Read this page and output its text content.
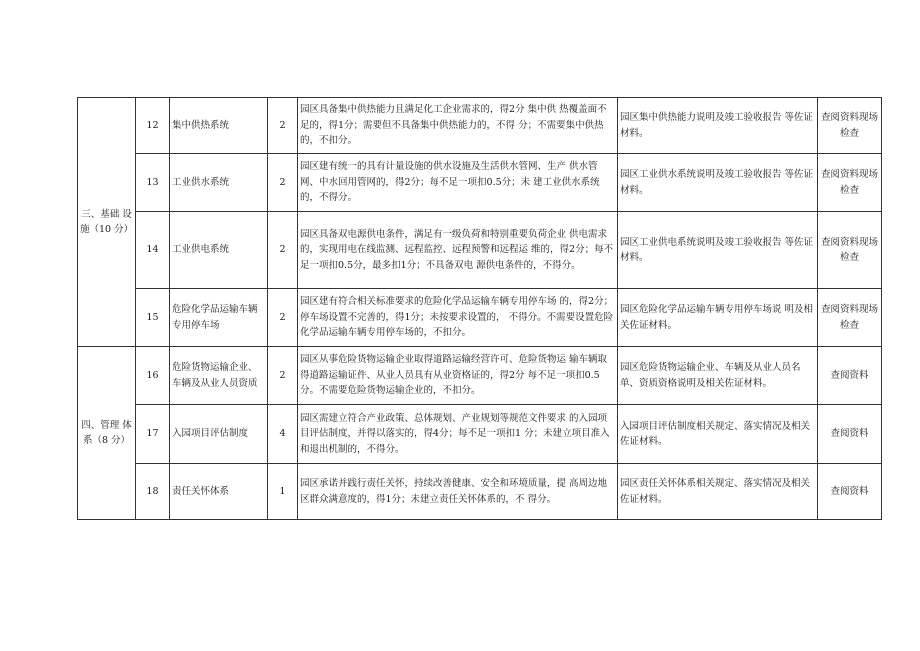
三、基础 设施（10 分）	12	集中供热系统	2	园区具备集中供热能力且满足化工企业需求的，得2分 集中供 热覆盖面不足的，得1分；需要但不具备集中供热能力的，不得 分；不需要集中供热的，不扣分。	园区集中供热能力说明及竣工验收报告 等佐证材料。	查阅资料现场检查
	13	工业供水系统	2	园区建有统一的具有计量设施的供水设施及生活供水管网、生产 供水管网、中水回用管网的，得2分；每不足一项扣0.5分；未 建工业供水系统的，不得分。	园区工业供水系统说明及竣工验收报告 等佐证材料。	查阅资料现场检查
	14	工业供电系统	2	园区具备双电源供电条件，满足有一级负荷和特别重要负荷企业 供电需求的，实现用电在线监测、远程监控、远程预警和远程运 维的，得2分；每不足一项扣0.5分，最多扣1分；不具备双电 源供电条件的，不得分。	园区工业供电系统说明及竣工验收报告 等佐证材料。	查阅资料现场检查
	15	危险化学品运输车辆专用停车场	2	园区建有符合相关标准要求的危险化学品运输车辆专用停车场 的，得2分；停车场设置不完善的，得1分；未按要求设置的， 不得分。不需要设置危险化学品运输车辆专用停车场的，不扣分。	园区危险化学品运输车辆专用停车场说 明及相关佐证材料。	查阅资料现场检查
四、管理 体系（8 分）	16	危险货物运输企业、车辆及从业人员资质	2	园区从事危险货物运输企业取得道路运输经营许可、危险货物运 输车辆取得道路运输证件、从业人员具有从业资格证的，得2分 每不足一项扣0.5分。不需要危险货物运输企业的，不扣分。	园区危险货物运输企业、车辆及从业人员名单、资质资格说明及相关佐证材料。	查阅资料
	17	入园项目评估制度	4	园区需建立符合产业政策、总体规划、产业规划等规范文件要求 的入园项目评估制度，并得以落实的，得4分；每不足一项扣1 分；未建立项目准入和退出机制的，不得分。	入园项目评估制度相关规定、落实情况及相关佐证材料。	查阅资料
	18	责任关怀体系	1	园区承诺并践行责任关怀，持续改善健康、安全和环境质量，提 高周边地区群众满意度的，得1分；未建立责任关怀体系的，不 得分。	园区责任关怀体系相关规定、落实情况及相关佐证材料。	查阅资料
